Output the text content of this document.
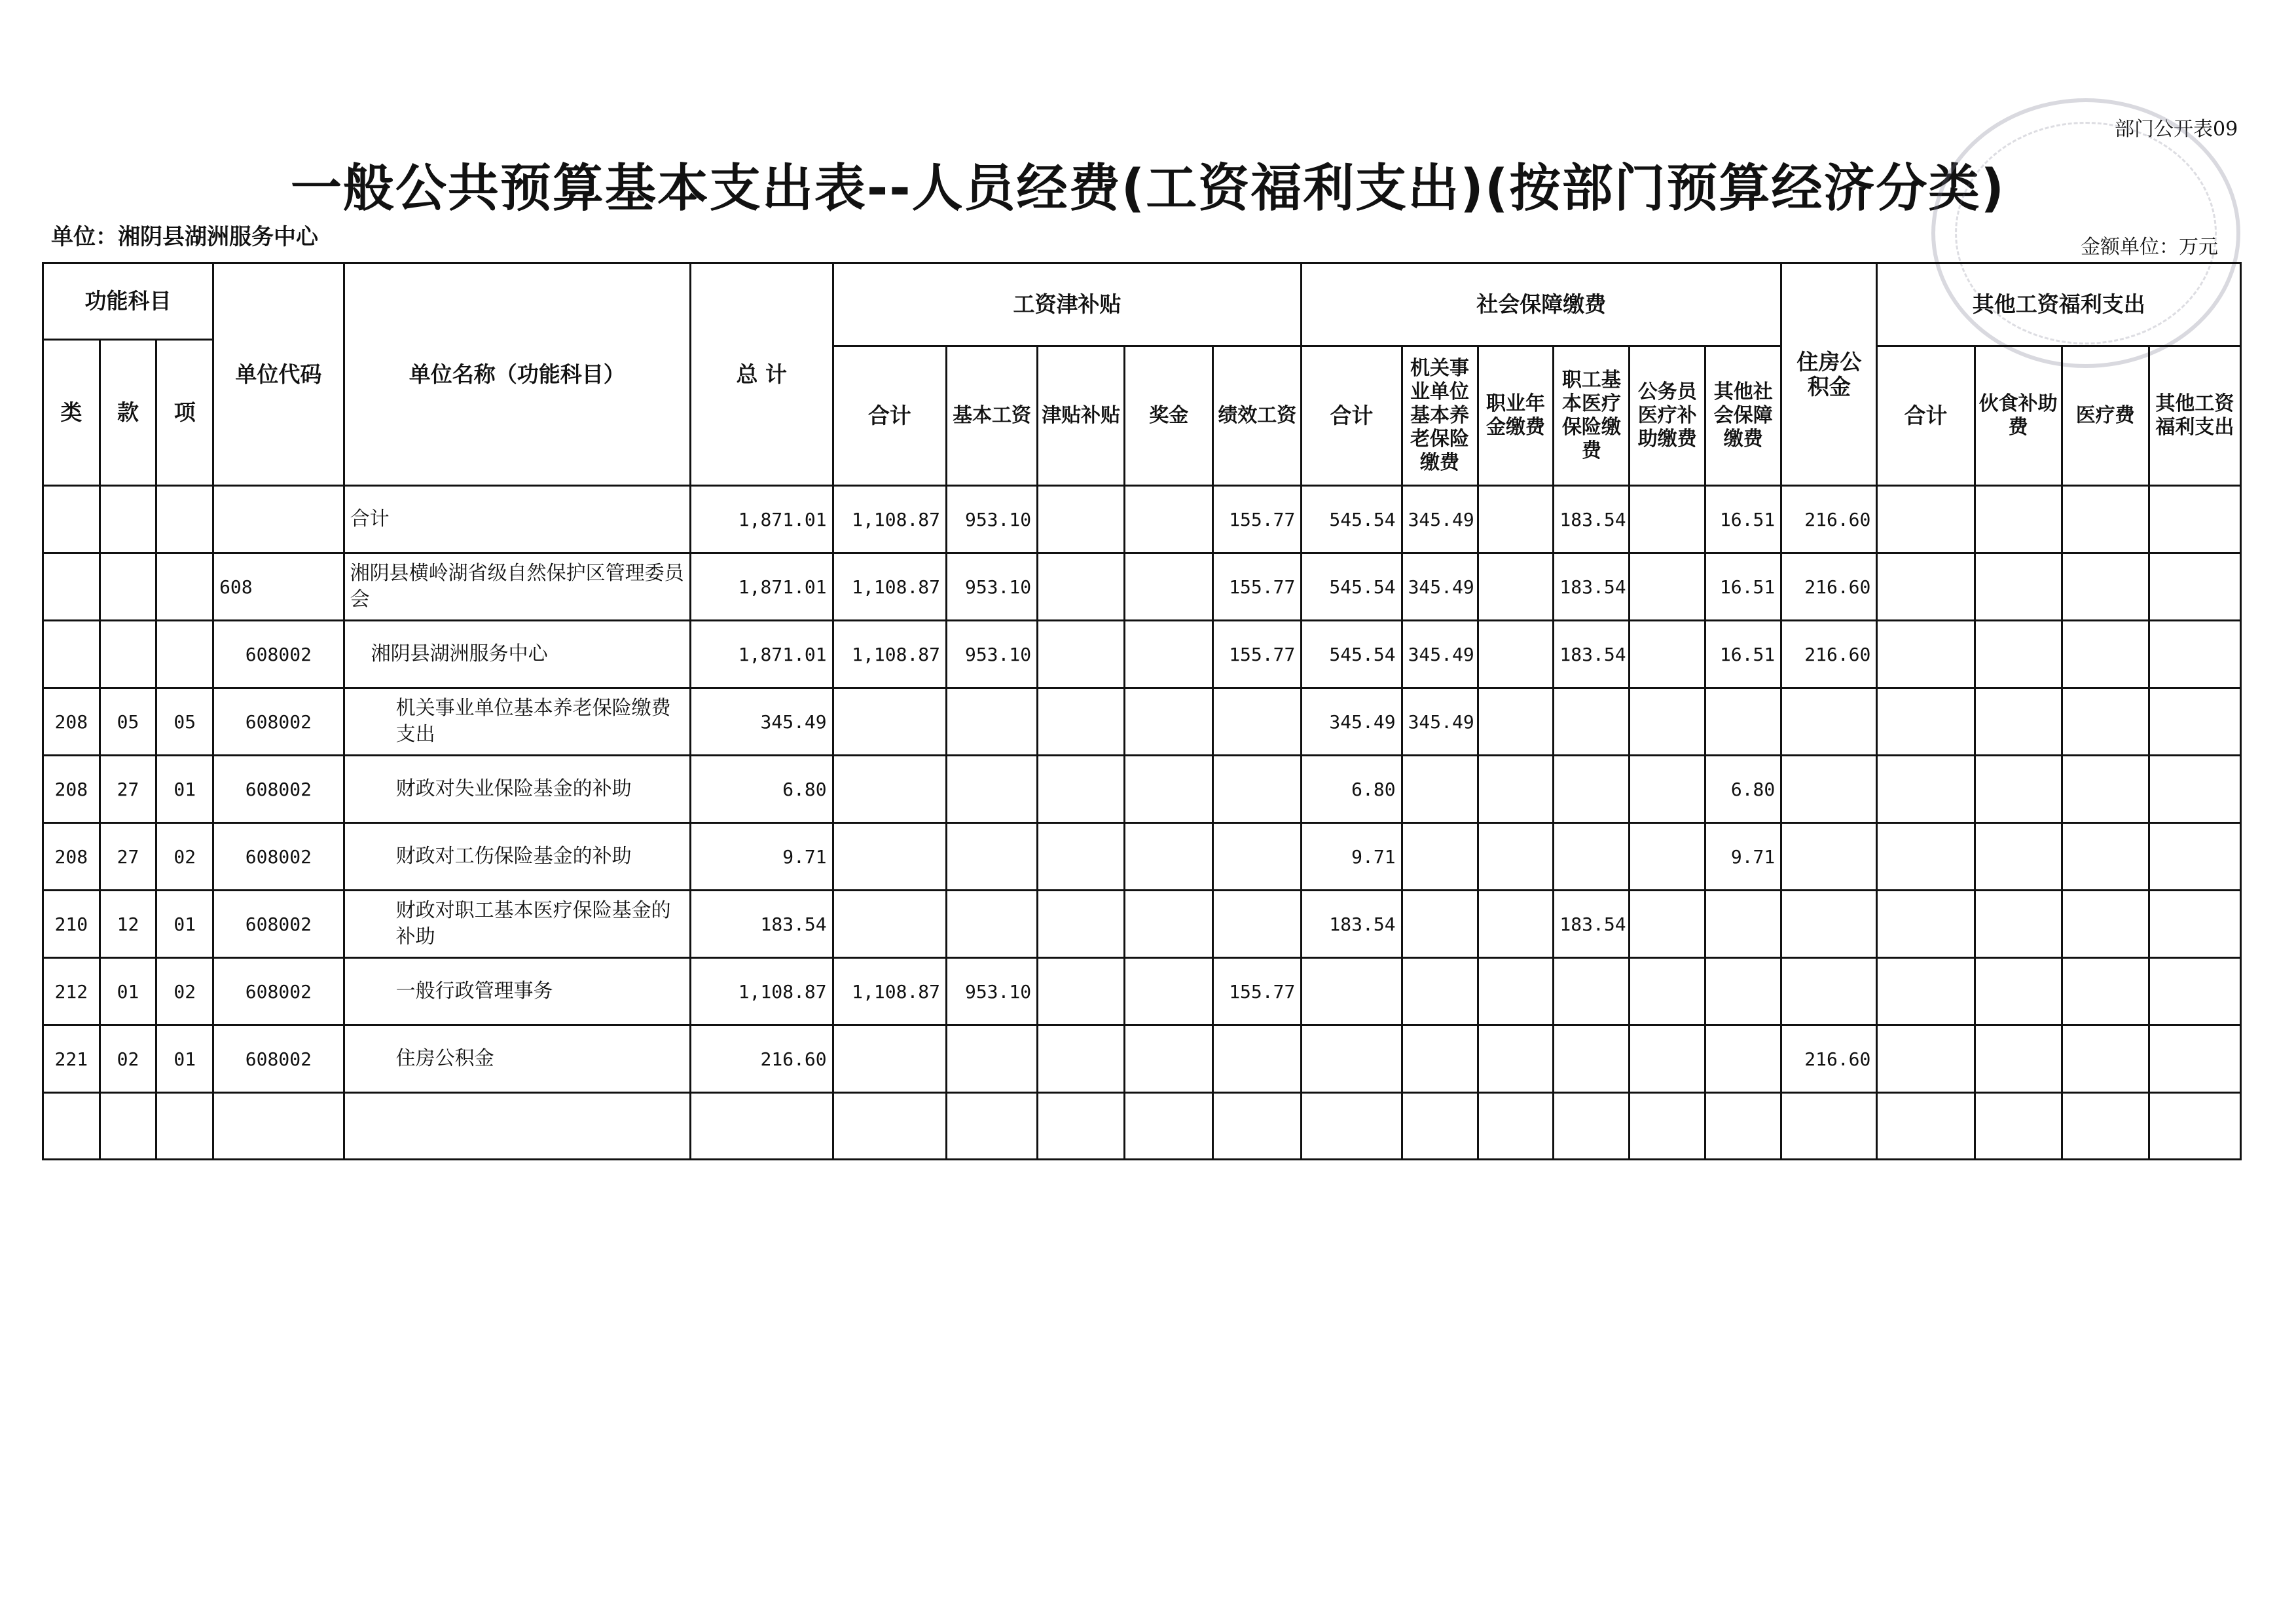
部门公开表09
一般公共预算基本支出表--人员经费(工资福利支出)(按部门预算经济分类)
单位：湘阴县湖洲服务中心	金额单位：万元
功能科目			单位代码	单位名称（功能科目）	总 计	工资津补贴					社会保障缴费						住房公积金	其他工资福利支出			
类	款	项																			
						合计	基本工资	津贴补贴	奖金	绩效工资	合计	机关事业单位基本养老保险缴费	职业年金缴费	职工基本医疗保险缴费	公务员医疗补助缴费	其他社会保障缴费		合计	伙食补助费	医疗费	其他工资福利支出
				合计	1,871.01	1,108.87	953.10			155.77	545.54	345.49		183.54		16.51	216.60				
			608	湘阴县横岭湖省级自然保护区管理委员会	1,871.01	1,108.87	953.10			155.77	545.54	345.49		183.54		16.51	216.60				
			608002	湘阴县湖洲服务中心	1,871.01	1,108.87	953.10			155.77	545.54	345.49		183.54		16.51	216.60				
208	05	05	608002	机关事业单位基本养老保险缴费支出	345.49						345.49	345.49									
208	27	01	608002	财政对失业保险基金的补助	6.80						6.80					6.80					
208	27	02	608002	财政对工伤保险基金的补助	9.71						9.71					9.71					
210	12	01	608002	财政对职工基本医疗保险基金的补助	183.54						183.54			183.54							
212	01	02	608002	一般行政管理事务	1,108.87	1,108.87	953.10			155.77											
221	02	01	608002	住房公积金	216.60												216.60				
